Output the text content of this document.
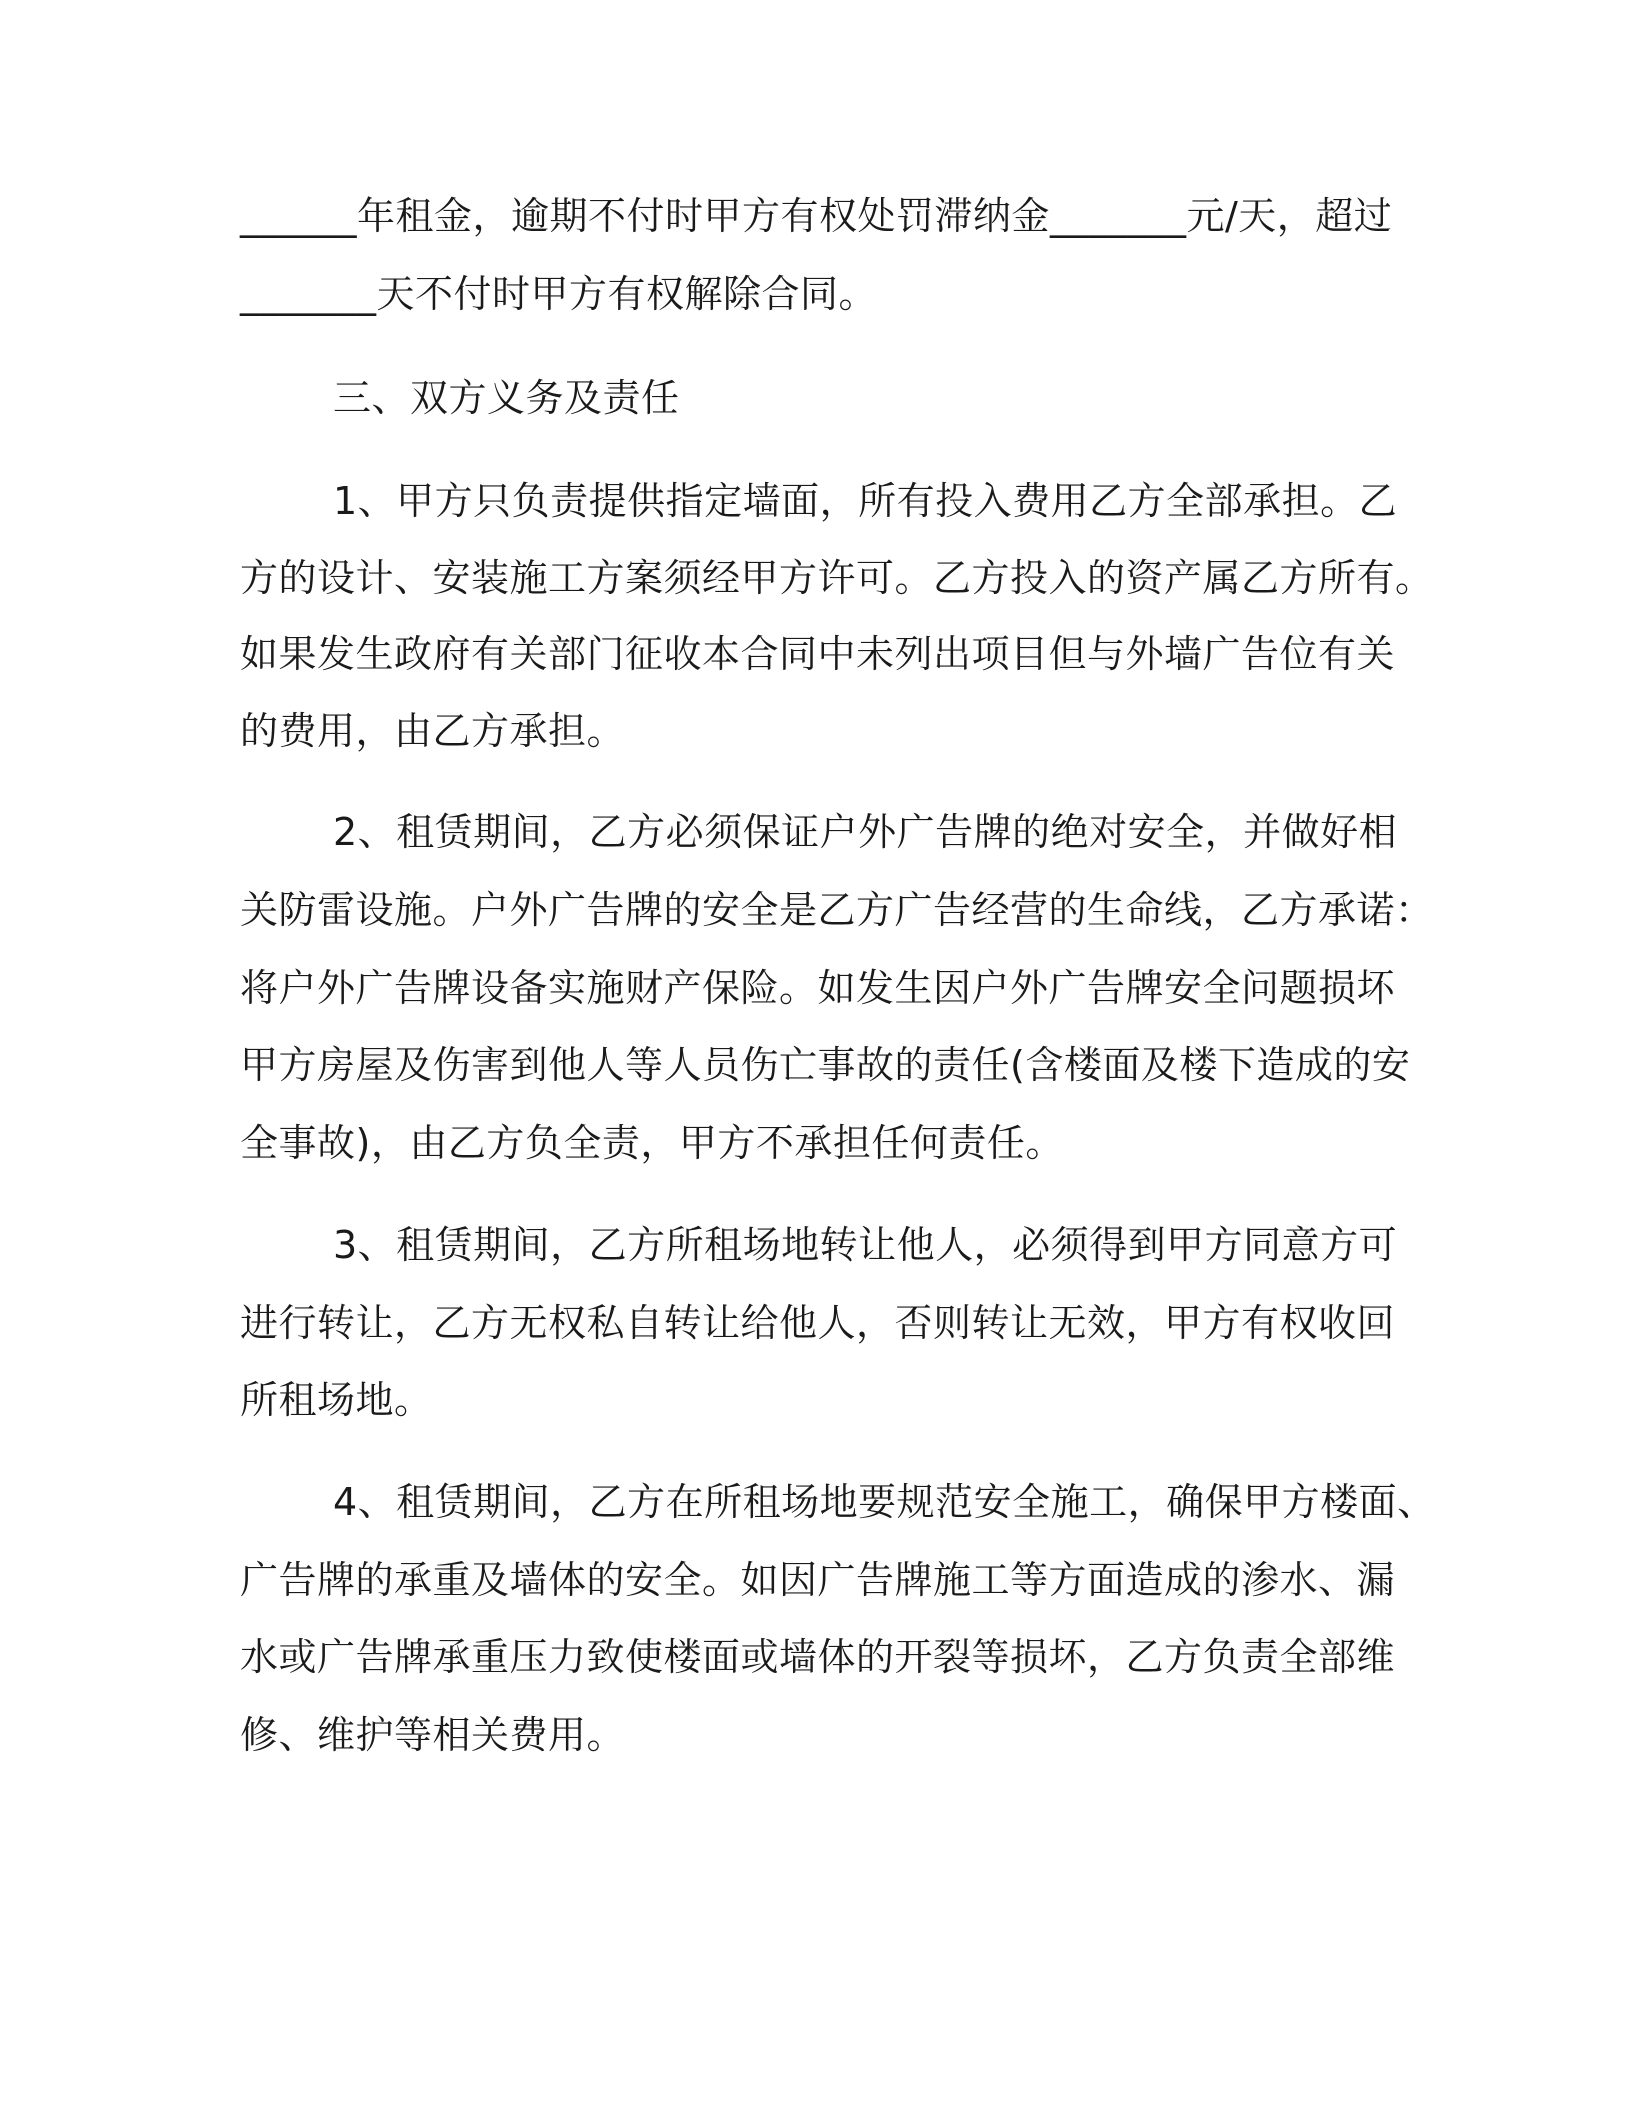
______年租金，逾期不付时甲方有权处罚滞纳金_______元/天，超过
_______天不付时甲方有权解除合同。
三、双方义务及责任
1、甲方只负责提供指定墙面，所有投入费用乙方全部承担。乙
方的设计、安装施工方案须经甲方许可。乙方投入的资产属乙方所有。
如果发生政府有关部门征收本合同中未列出项目但与外墙广告位有关
的费用，由乙方承担。
2、租赁期间，乙方必须保证户外广告牌的绝对安全，并做好相
关防雷设施。户外广告牌的安全是乙方广告经营的生命线，乙方承诺：
将户外广告牌设备实施财产保险。如发生因户外广告牌安全问题损坏
甲方房屋及伤害到他人等人员伤亡事故的责任(含楼面及楼下造成的安
全事故)，由乙方负全责，甲方不承担任何责任。
3、租赁期间，乙方所租场地转让他人，必须得到甲方同意方可
进行转让，乙方无权私自转让给他人，否则转让无效，甲方有权收回
所租场地。
4、租赁期间，乙方在所租场地要规范安全施工，确保甲方楼面、
广告牌的承重及墙体的安全。如因广告牌施工等方面造成的渗水、漏
水或广告牌承重压力致使楼面或墙体的开裂等损坏，乙方负责全部维
修、维护等相关费用。
